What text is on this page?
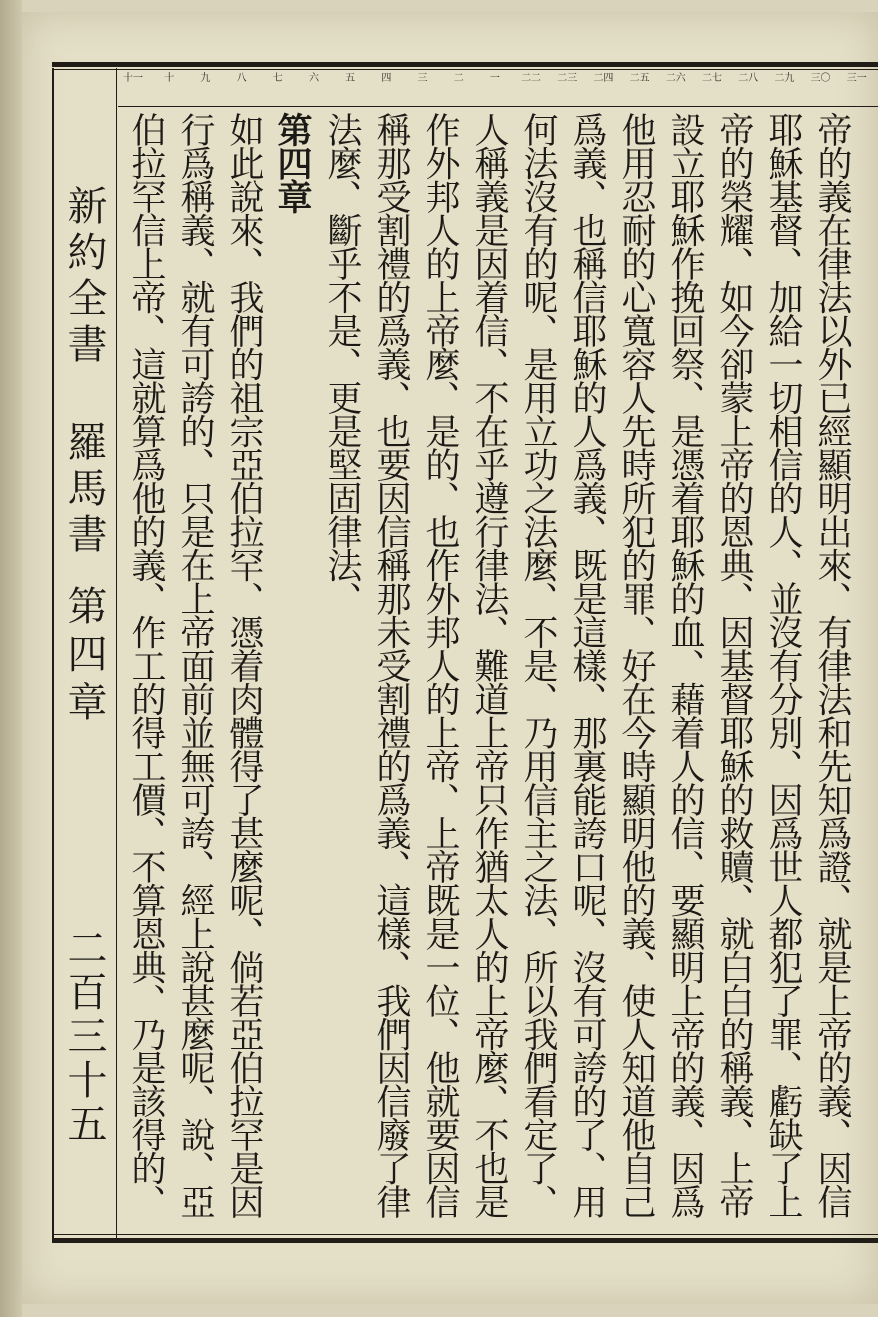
三一
三〇
二九
二八
二七
二六
二五
二四
二三
二二
一
二
三
四
五
六
七
八
九
十
十一
新約全書 羅馬書
第四章
二百三十五	帝的義在律法以外已經顯明出來、有律法和先知爲證、就是上帝的義、因信耶穌基督、加給一切相信的人、並沒有分別、因爲世人都犯了罪、虧缺了上帝的榮耀、如今卻蒙上帝的恩典、因基督耶穌的救贖、就白白的稱義、上帝設立耶穌作挽回祭、是憑着耶穌的血、藉着人的信、要顯明上帝的義、因爲他用忍耐的心寬容人先時所犯的罪、好在今時顯明他的義、使人知道他自己爲義、也稱信耶穌的人爲義、既是這樣、那裏能誇口呢、沒有可誇的了、用何法沒有的呢、是用立功之法麼、不是、乃用信主之法、所以我們看定了、人稱義是因着信、不在乎遵行律法、難道上帝只作猶太人的上帝麼、不也是作外邦人的上帝麼、是的、也作外邦人的上帝、上帝既是一位、他就要因信稱那受割禮的爲義、也要因信稱那未受割禮的爲義、這樣、我們因信廢了律法麼、斷乎不是、更是堅固律法、

第四章

如此說來、我們的祖宗亞伯拉罕、憑着肉體得了甚麼呢、倘若亞伯拉罕是因行爲稱義、就有可誇的、只是在上帝面前並無可誇、經上說甚麼呢、說、亞伯拉罕信上帝、這就算爲他的義、作工的得工價、不算恩典、乃是該得的、
